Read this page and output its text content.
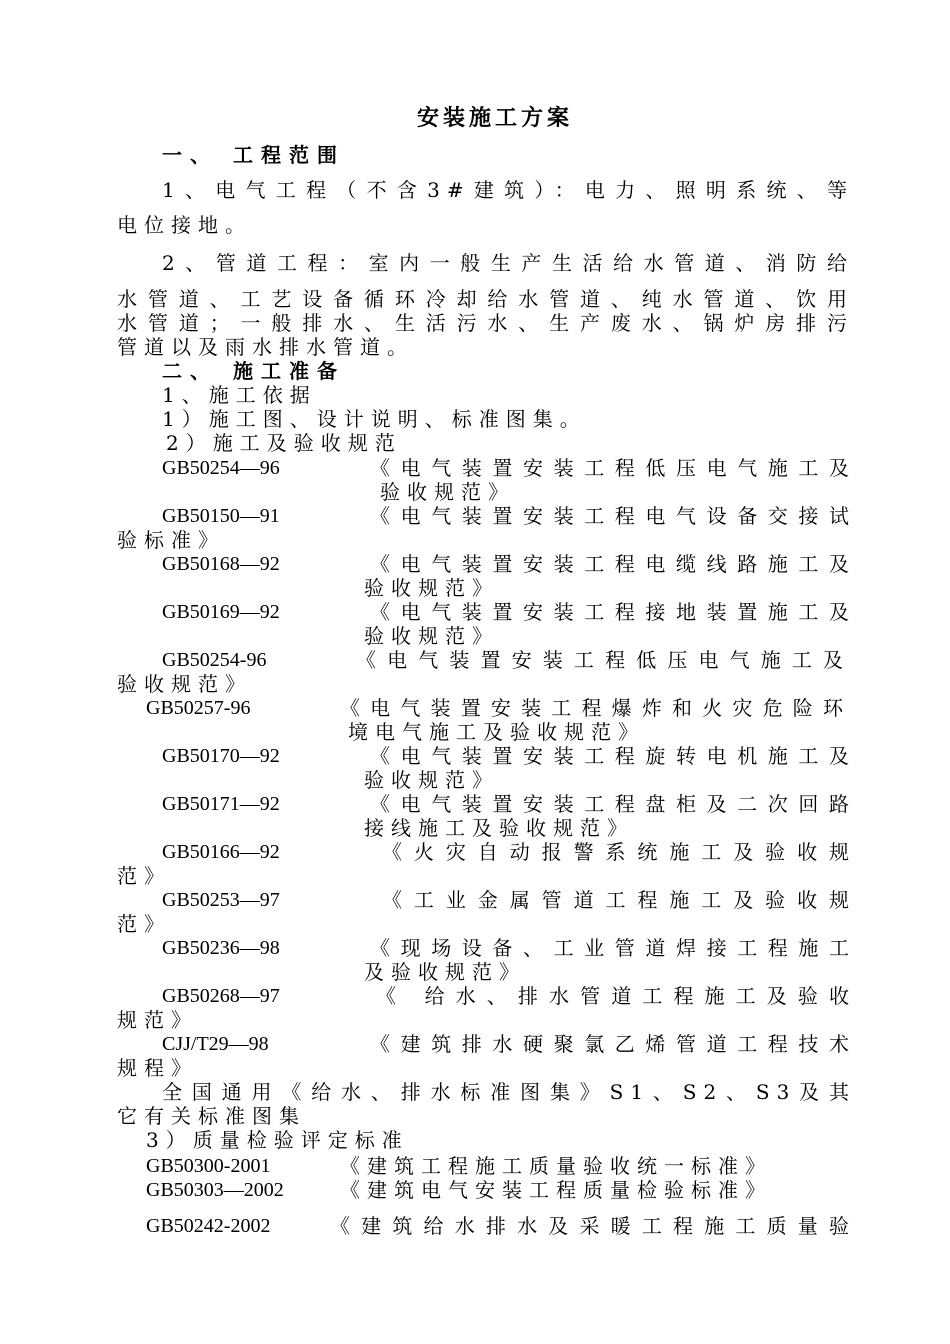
安装施工方案
一、 工程范围
1、电气工程（不含3#建筑）：电力、照明系统、等
电位接地。
2、管道工程：室内一般生产生活给水管道、消防给
水管道、工艺设备循环冷却给水管道、纯水管道、饮用
水管道；一般排水、生活污水、生产废水、锅炉房排污
管道以及雨水排水管道。
二、 施工准备
1、施工依据
1）施工图、设计说明、标准图集。
2）施工及验收规范
GB50254—96	《电气装置安装工程低压电气施工及
验收规范》
GB50150—91	《电气装置安装工程电气设备交接试
验标准》
GB50168—92	《电气装置安装工程电缆线路施工及
验收规范》
GB50169—92	《电气装置安装工程接地装置施工及
验收规范》
GB50254-96	《电气装置安装工程低压电气施工及
验收规范》
GB50257-96	《电气装置安装工程爆炸和火灾危险环
境电气施工及验收规范》
GB50170—92	《电气装置安装工程旋转电机施工及
验收规范》
GB50171—92	《电气装置安装工程盘柜及二次回路
接线施工及验收规范》
GB50166—92	《火灾自动报警系统施工及验收规
范》
GB50253—97	《工业金属管道工程施工及验收规
范》
GB50236—98	《现场设备、工业管道焊接工程施工
及验收规范》
GB50268—97	《 给水、排水管道工程施工及验收
规范》
CJJ/T29—98	《建筑排水硬聚氯乙烯管道工程技术
规程》
全国通用《给水、排水标准图集》S1、S2、S3及其
它有关标准图集
3）质量检验评定标准
GB50300-2001	《建筑工程施工质量验收统一标准》
GB50303—2002	《建筑电气安装工程质量检验标准》
GB50242-2002	《建筑给水排水及采暖工程施工质量验
